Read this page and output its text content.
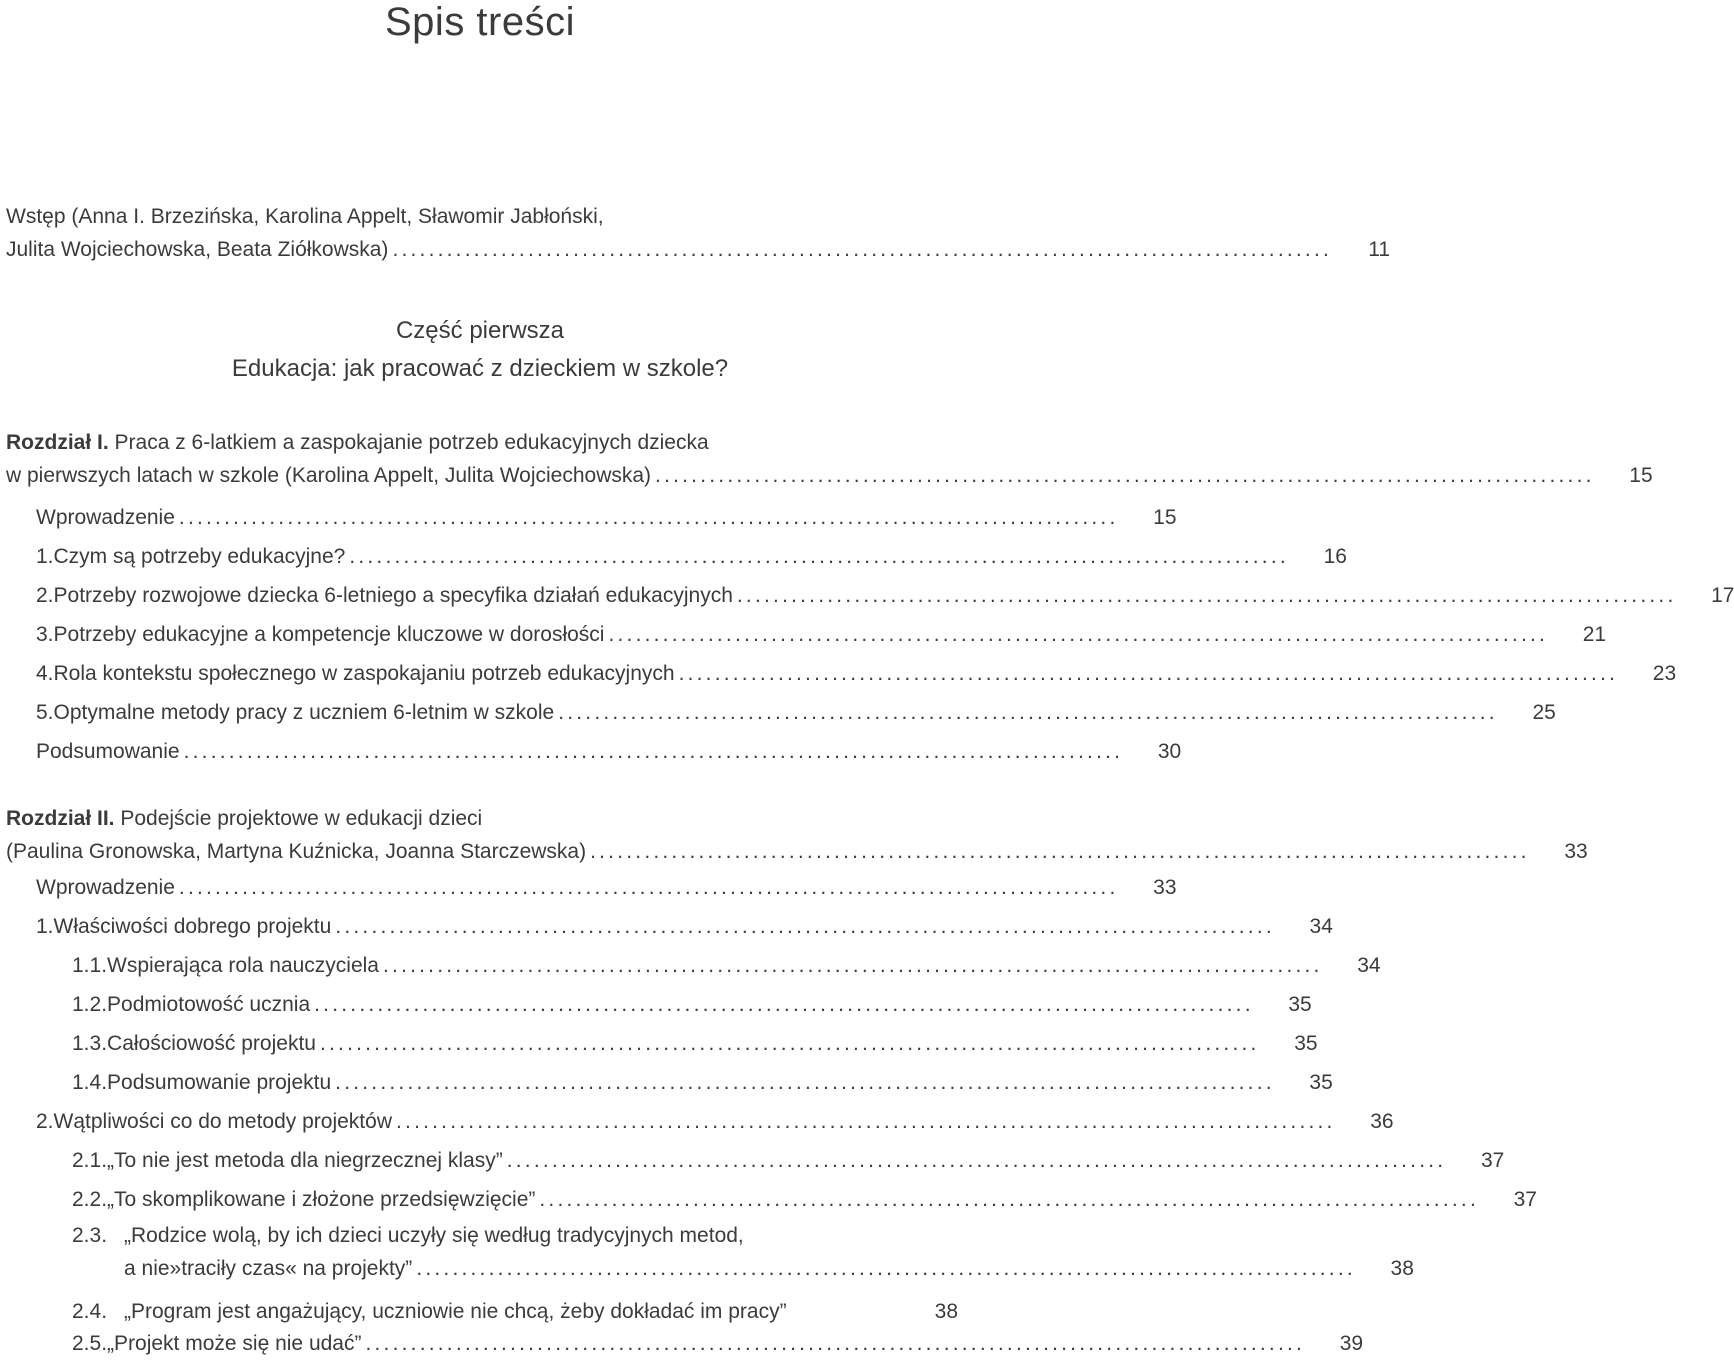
Spis treści
Wstęp (Anna I. Brzezińska, Karolina Appelt, Sławomir Jabłoński,
Julita Wojciechowska, Beata Ziółkowska) ........................................................................................................	11
Część pierwsza
Edukacja: jak pracować z dzieckiem w szkole?
Rozdział I. Praca z 6-latkiem a zaspokajanie potrzeb edukacyjnych dziecka
w pierwszych latach w szkole (Karolina Appelt, Julita Wojciechowska) ........................................................................................................	15
Wprowadzenie ........................................................................................................	15
1. Czym są potrzeby edukacyjne? ........................................................................................................	16
2. Potrzeby rozwojowe dziecka 6-letniego a specyfika działań edukacyjnych ........................................................................................................	17
3. Potrzeby edukacyjne a kompetencje kluczowe w dorosłości ........................................................................................................	21
4. Rola kontekstu społecznego w zaspokajaniu potrzeb edukacyjnych ........................................................................................................	23
5. Optymalne metody pracy z uczniem 6-letnim w szkole ........................................................................................................	25
Podsumowanie ........................................................................................................	30
Rozdział II. Podejście projektowe w edukacji dzieci
(Paulina Gronowska, Martyna Kuźnicka, Joanna Starczewska) ........................................................................................................	33
Wprowadzenie ........................................................................................................	33
1. Właściwości dobrego projektu ........................................................................................................	34
1.1. Wspierająca rola nauczyciela ........................................................................................................	34
1.2. Podmiotowość ucznia ........................................................................................................	35
1.3. Całościowość projektu ........................................................................................................	35
1.4. Podsumowanie projektu ........................................................................................................	35
2. Wątpliwości co do metody projektów ........................................................................................................	36
2.1. „To nie jest metoda dla niegrzecznej klasy” ........................................................................................................	37
2.2. „To skomplikowane i złożone przedsięwzięcie” ........................................................................................................	37
2.3. „Rodzice wolą, by ich dzieci uczyły się według tradycyjnych metod,
a nie»traciły czas« na projekty” ........................................................................................................	38
2.4. „Program jest angażujący, uczniowie nie chcą, żeby dokładać im pracy”	38
2.5. „Projekt może się nie udać” ........................................................................................................	39
